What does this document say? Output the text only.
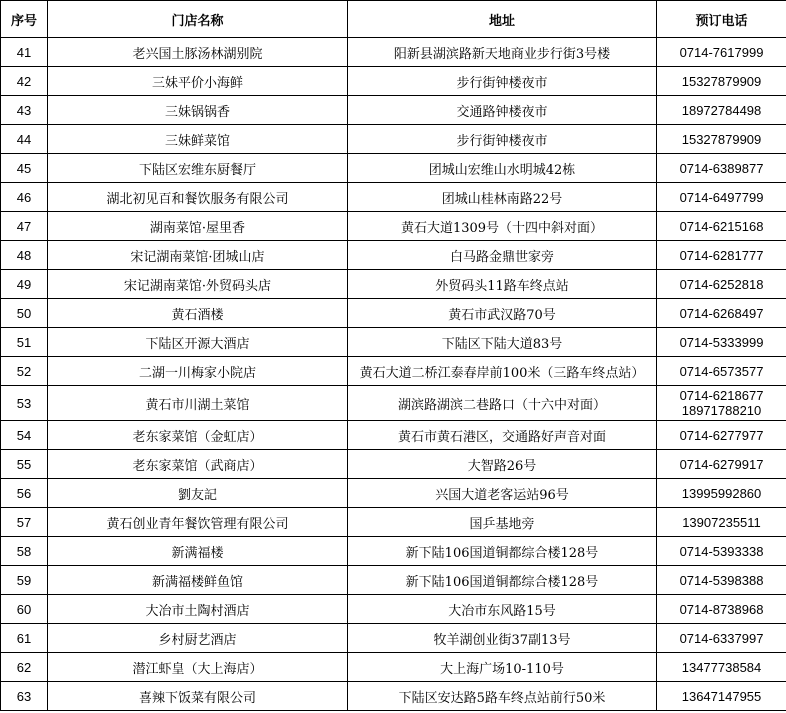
序号	门店名称	地址	预订电话
41	老兴国土豚汤林湖别院	阳新县湖滨路新天地商业步行街3号楼	0714-7617999

42	三妹平价小海鲜	步行街钟楼夜市	15327879909

43	三妹锅锅香	交通路钟楼夜市	18972784498

44	三妹鲜菜馆	步行街钟楼夜市	15327879909

45	下陆区宏维东厨餐厅	团城山宏维山水明城42栋	0714-6389877

46	湖北初见百和餐饮服务有限公司	团城山桂林南路22号	0714-6497799

47	湖南菜馆·屋里香	黄石大道1309号（十四中斜对面）	0714-6215168

48	宋记湖南菜馆·团城山店	白马路金鼎世家旁	0714-6281777

49	宋记湖南菜馆·外贸码头店	外贸码头11路车终点站	0714-6252818

50	黄石酒楼	黄石市武汉路70号	0714-6268497

51	下陆区开源大酒店	下陆区下陆大道83号	0714-5333999

52	二湖一川梅家小院店	黄石大道二桥江泰春岸前100米（三路车终点站）	0714-6573577

53	黄石市川湖土菜馆	湖滨路湖滨二巷路口（十六中对面）	0714-6218677
18971788210

54	老东家菜馆（金虹店）	黄石市黄石港区，交通路好声音对面	0714-6277977

55	老东家菜馆（武商店）	大智路26号	0714-6279917

56	劉友記	兴国大道老客运站96号	13995992860

57	黄石创业青年餐饮管理有限公司	国乒基地旁	13907235511

58	新满福楼	新下陆106国道铜都综合楼128号	0714-5393338

59	新满福楼鲜鱼馆	新下陆106国道铜都综合楼128号	0714-5398388

60	大冶市土陶村酒店	大冶市东风路15号	0714-8738968

61	乡村厨艺酒店	牧羊湖创业街37副13号	0714-6337997

62	潜江虾皇（大上海店）	大上海广场10-110号	13477738584

63	喜辣下饭菜有限公司	下陆区安达路5路车终点站前行50米	13647147955
